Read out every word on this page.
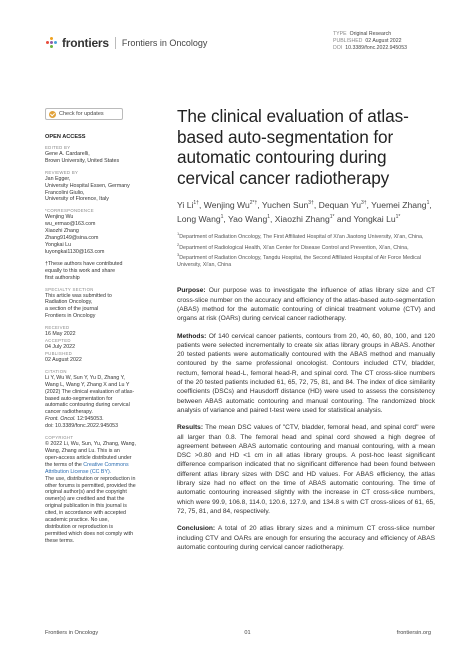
frontiers Frontiers in Oncology
TYPE Original Research
PUBLISHED 02 August 2022
DOI 10.3389/fonc.2022.945053
Check for updates
OPEN ACCESS
EDITED BY
Gene A. Cardarelli,
Brown University, United States
REVIEWED BY
Jan Egger,
University Hospital Essen, Germany
Francolini Giulio,
University of Florence, Italy
*CORRESPONDENCE
Wenjing Wu
wu_ermao@163.com
Xiaozhi Zhang
Zhang9149@sina.com
Yongkai Lu
luyongkai1130@163.com
†These authors have contributed
equally to this work and share
first authorship
SPECIALTY SECTION
This article was submitted to
Radiation Oncology,
a section of the journal
Frontiers in Oncology
RECEIVED
16 May 2022
ACCEPTED
04 July 2022
PUBLISHED
02 August 2022
CITATION
Li Y, Wu W, Sun Y, Yu D, Zhang Y,
Wang L, Wang Y, Zhang X and Lu Y
(2022) The clinical evaluation of atlas-
based auto-segmentation for
automatic contouring during cervical
cancer radiotherapy.
Front. Oncol. 12:945053.
doi: 10.3389/fonc.2022.945053
COPYRIGHT
© 2022 Li, Wu, Sun, Yu, Zhang, Wang,
Wang, Zhang and Lu. This is an
open-access article distributed under
the terms of the Creative Commons
Attribution License (CC BY).
The use, distribution or reproduction in
other forums is permitted, provided the
original author(s) and the copyright
owner(s) are credited and that the
original publication in this journal is
cited, in accordance with accepted
academic practice. No use,
distribution or reproduction is
permitted which does not comply with
these terms.
The clinical evaluation of atlas-based auto-segmentation for automatic contouring during cervical cancer radiotherapy
Yi $Li^{1\dagger}$, Wenjing $Wu^{2*\dagger}$, Yuchen Sun$^{3\dagger}$, Dequan $Yu^{3\dagger}$, Yuemei Zhang$^1$, Long Wang$^1$, Yao Wang$^1$, Xiaozhi Zhang$^{1*}$ and Yongkai $Lu^{1*}$
$^1$Department of Radiation Oncology, The First Affiliated Hospital of Xi'an Jiaotong University, Xi'an, China, $^2$Department of Radiological Health, Xi'an Center for Disease Control and Prevention, Xi'an, China, $^3$Department of Radiation Oncology, Tangdu Hospital, the Second Affiliated Hospital of Air Force Medical University, Xi'an, China

Purpose: Our purpose was to investigate the influence of atlas library size and CT cross-slice number on the accuracy and efficiency of the atlas-based auto-segmentation (ABAS) method for the automatic contouring of clinical treatment volume (CTV) and organs at risk (OARs) during cervical cancer radiotherapy.

Methods: Of 140 cervical cancer patients, contours from 20, 40, 60, 80, 100, and 120 patients were selected incrementally to create six atlas library groups in ABAS. Another 20 tested patients were automatically contoured with the ABAS method and manually contoured by the same professional oncologist. Contours included CTV, bladder, rectum, femoral head-L, femoral head-R, and spinal cord. The CT cross-slice numbers of the 20 tested patients included 61, 65, 72, 75, 81, and 84. The index of dice similarity coefficients (DSCs) and Hausdorff distance (HD) were used to assess the consistency between ABAS automatic contouring and manual contouring. The randomized block analysis of variance and paired t-test were used for statistical analysis.

Results: The mean DSC values of "CTV, bladder, femoral head, and spinal cord" were all larger than 0.8. The femoral head and spinal cord showed a high degree of agreement between ABAS automatic contouring and manual contouring, with a mean DSC >0.80 and HD <1 cm in all atlas library groups. A post-hoc least significant difference comparison indicated that no significant difference had been found between different atlas library sizes with DSC and HD values. For ABAS efficiency, the atlas library size had no effect on the time of ABAS automatic contouring. The time of automatic contouring increased slightly with the increase in CT cross-slice numbers, which were 99.9, 106.8, 114.0, 120.6, 127.9, and 134.8 s with CT cross-slices of 61, 65, 72, 75, 81, and 84, respectively.

Conclusion: A total of 20 atlas library sizes and a minimum CT cross-slice number including CTV and OARs are enough for ensuring the accuracy and efficiency of ABAS automatic contouring during cervical cancer radiotherapy.

Frontiers in Oncology	01	frontiersin.org
